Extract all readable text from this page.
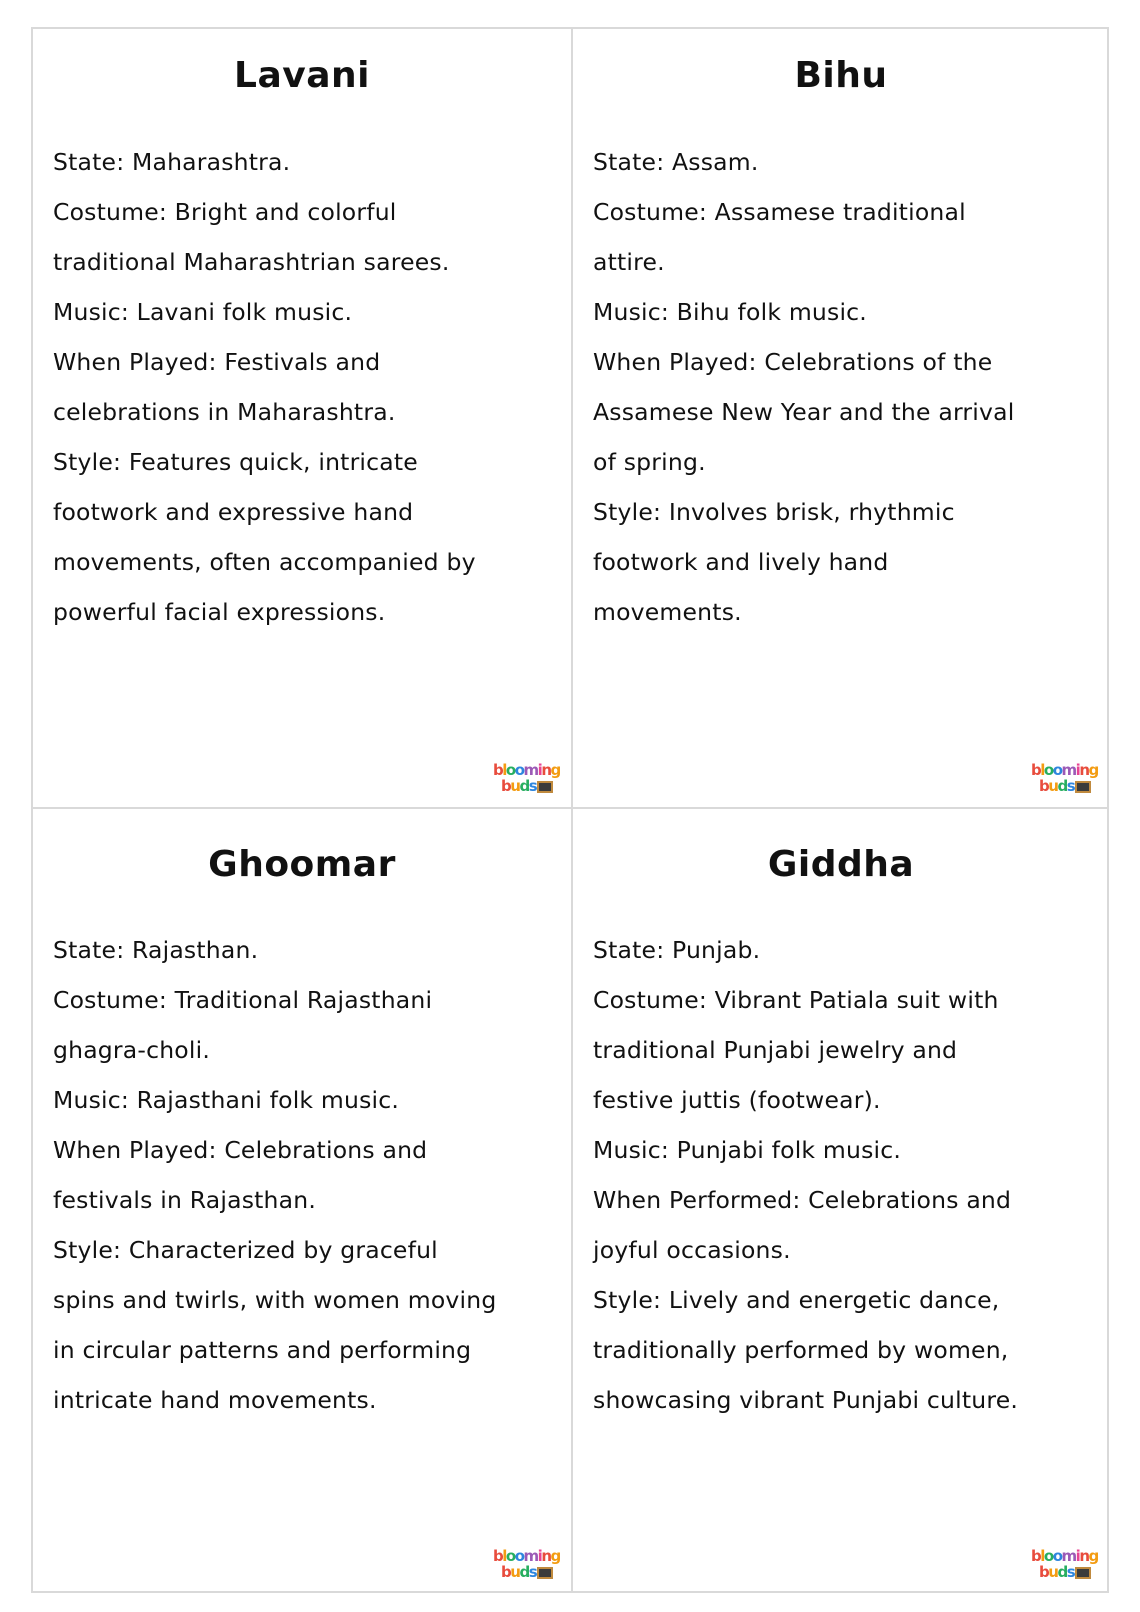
Lavani
State: Maharashtra.
Costume: Bright and colorful
traditional Maharashtrian sarees.
Music: Lavani folk music.
When Played: Festivals and
celebrations in Maharashtra.
Style: Features quick, intricate
footwork and expressive hand
movements, often accompanied by
powerful facial expressions.
blooming
buds
Bihu
State: Assam.
Costume: Assamese traditional
attire.
Music: Bihu folk music.
When Played: Celebrations of the
Assamese New Year and the arrival
of spring.
Style: Involves brisk, rhythmic
footwork and lively hand
movements.
blooming
buds
Ghoomar
State: Rajasthan.
Costume: Traditional Rajasthani
ghagra-choli.
Music: Rajasthani folk music.
When Played: Celebrations and
festivals in Rajasthan.
Style: Characterized by graceful
spins and twirls, with women moving
in circular patterns and performing
intricate hand movements.
blooming
buds
Giddha
State: Punjab.
Costume: Vibrant Patiala suit with
traditional Punjabi jewelry and
festive juttis (footwear).
Music: Punjabi folk music.
When Performed: Celebrations and
joyful occasions.
Style: Lively and energetic dance,
traditionally performed by women,
showcasing vibrant Punjabi culture.
blooming
buds
